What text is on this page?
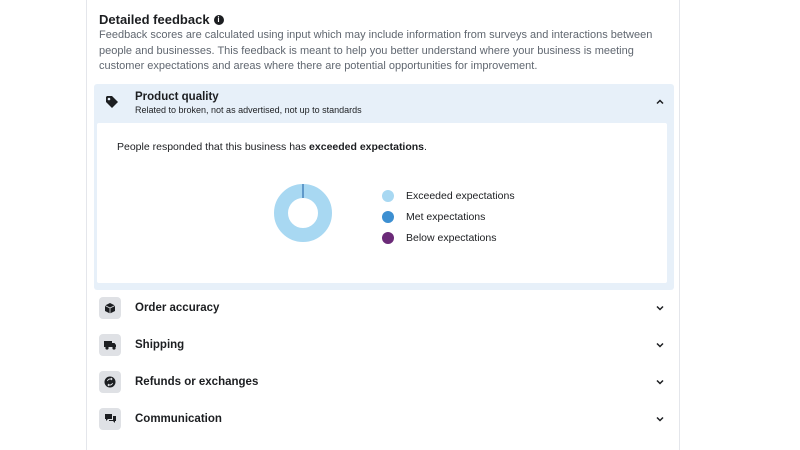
Detailed feedback i
Feedback scores are calculated using input which may include information from surveys and interactions between people and businesses. This feedback is meant to help you better understand where your business is meeting customer expectations and areas where there are potential opportunities for improvement.
Product quality
Related to broken, not as advertised, not up to standards
People responded that this business has exceeded expectations.
Exceeded expectations
Met expectations
Below expectations
Order accuracy
Shipping
Refunds or exchanges
Communication
